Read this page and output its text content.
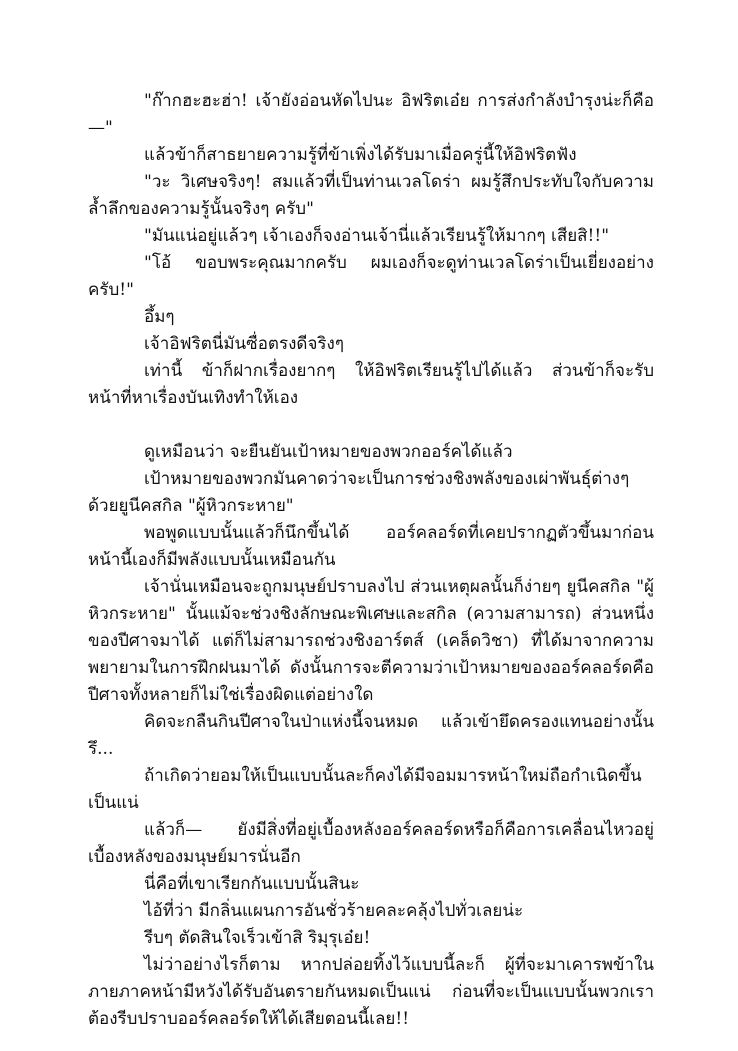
"ก๊ากฮะฮะฮ่า! เจ้ายังอ่อนหัดไปนะ อิฟริตเอ๋ย การส่งกำลังบำรุงน่ะก็คือ—"

แล้วข้าก็สาธยายความรู้ที่ข้าเพิ่งได้รับมาเมื่อครู่นี้ให้อิฟริตฟัง

"วะ วิเศษจริงๆ! สมแล้วที่เป็นท่านเวลโดร่า ผมรู้สึกประทับใจกับความล้ำลึกของความรู้นั้นจริงๆ ครับ"

"มันแน่อยู่แล้วๆ เจ้าเองก็จงอ่านเจ้านี่แล้วเรียนรู้ให้มากๆ เสียสิ!!"

"โอ้ ขอบพระคุณมากครับ ผมเองก็จะดูท่านเวลโดร่าเป็นเยี่ยงอย่างครับ!"

อึ้มๆ

เจ้าอิฟริตนี่มันซื่อตรงดีจริงๆ

เท่านี้ ข้าก็ฝากเรื่องยากๆ ให้อิฟริตเรียนรู้ไปได้แล้ว ส่วนข้าก็จะรับหน้าที่หาเรื่องบันเทิงทำให้เอง

ดูเหมือนว่า จะยืนยันเป้าหมายของพวกออร์คได้แล้ว

เป้าหมายของพวกมันคาดว่าจะเป็นการช่วงชิงพลังของเผ่าพันธุ์ต่างๆ ด้วยยูนีคสกิล "ผู้หิวกระหาย"

พอพูดแบบนั้นแล้วก็นึกขึ้นได้ ออร์คลอร์ดที่เคยปรากฏตัวขึ้นมาก่อนหน้านี้เองก็มีพลังแบบนั้นเหมือนกัน

เจ้านั่นเหมือนจะถูกมนุษย์ปราบลงไป ส่วนเหตุผลนั้นก็ง่ายๆ ยูนีคสกิล "ผู้หิวกระหาย" นั้นแม้จะช่วงชิงลักษณะพิเศษและสกิล (ความสามารถ) ส่วนหนึ่งของปีศาจมาได้ แต่ก็ไม่สามารถช่วงชิงอาร์ตส์ (เคล็ดวิชา) ที่ได้มาจากความพยายามในการฝึกฝนมาได้ ดังนั้นการจะตีความว่าเป้าหมายของออร์คลอร์ดคือปีศาจทั้งหลายก็ไม่ใช่เรื่องผิดแต่อย่างใด

คิดจะกลืนกินปีศาจในป่าแห่งนี้จนหมด แล้วเข้ายึดครองแทนอย่างนั้นรึ...

ถ้าเกิดว่ายอมให้เป็นแบบนั้นละก็คงได้มีจอมมารหน้าใหม่ถือกำเนิดขึ้นเป็นแน่

แล้วก็— ยังมีสิ่งที่อยู่เบื้องหลังออร์คลอร์ดหรือก็คือการเคลื่อนไหวอยู่เบื้องหลังของมนุษย์มารนั่นอีก

นี่คือที่เขาเรียกกันแบบนั้นสินะ

ไอ้ที่ว่า มีกลิ่นแผนการอันชั่วร้ายคละคลุ้งไปทั่วเลยน่ะ

รีบๆ ตัดสินใจเร็วเข้าสิ ริมุรุเอ๋ย!

ไม่ว่าอย่างไรก็ตาม หากปล่อยทิ้งไว้แบบนี้ละก็ ผู้ที่จะมาเคารพข้าในภายภาคหน้ามีหวังได้รับอันตรายกันหมดเป็นแน่ ก่อนที่จะเป็นแบบนั้นพวกเราต้องรีบปราบออร์คลอร์ดให้ได้เสียตอนนี้เลย!!
